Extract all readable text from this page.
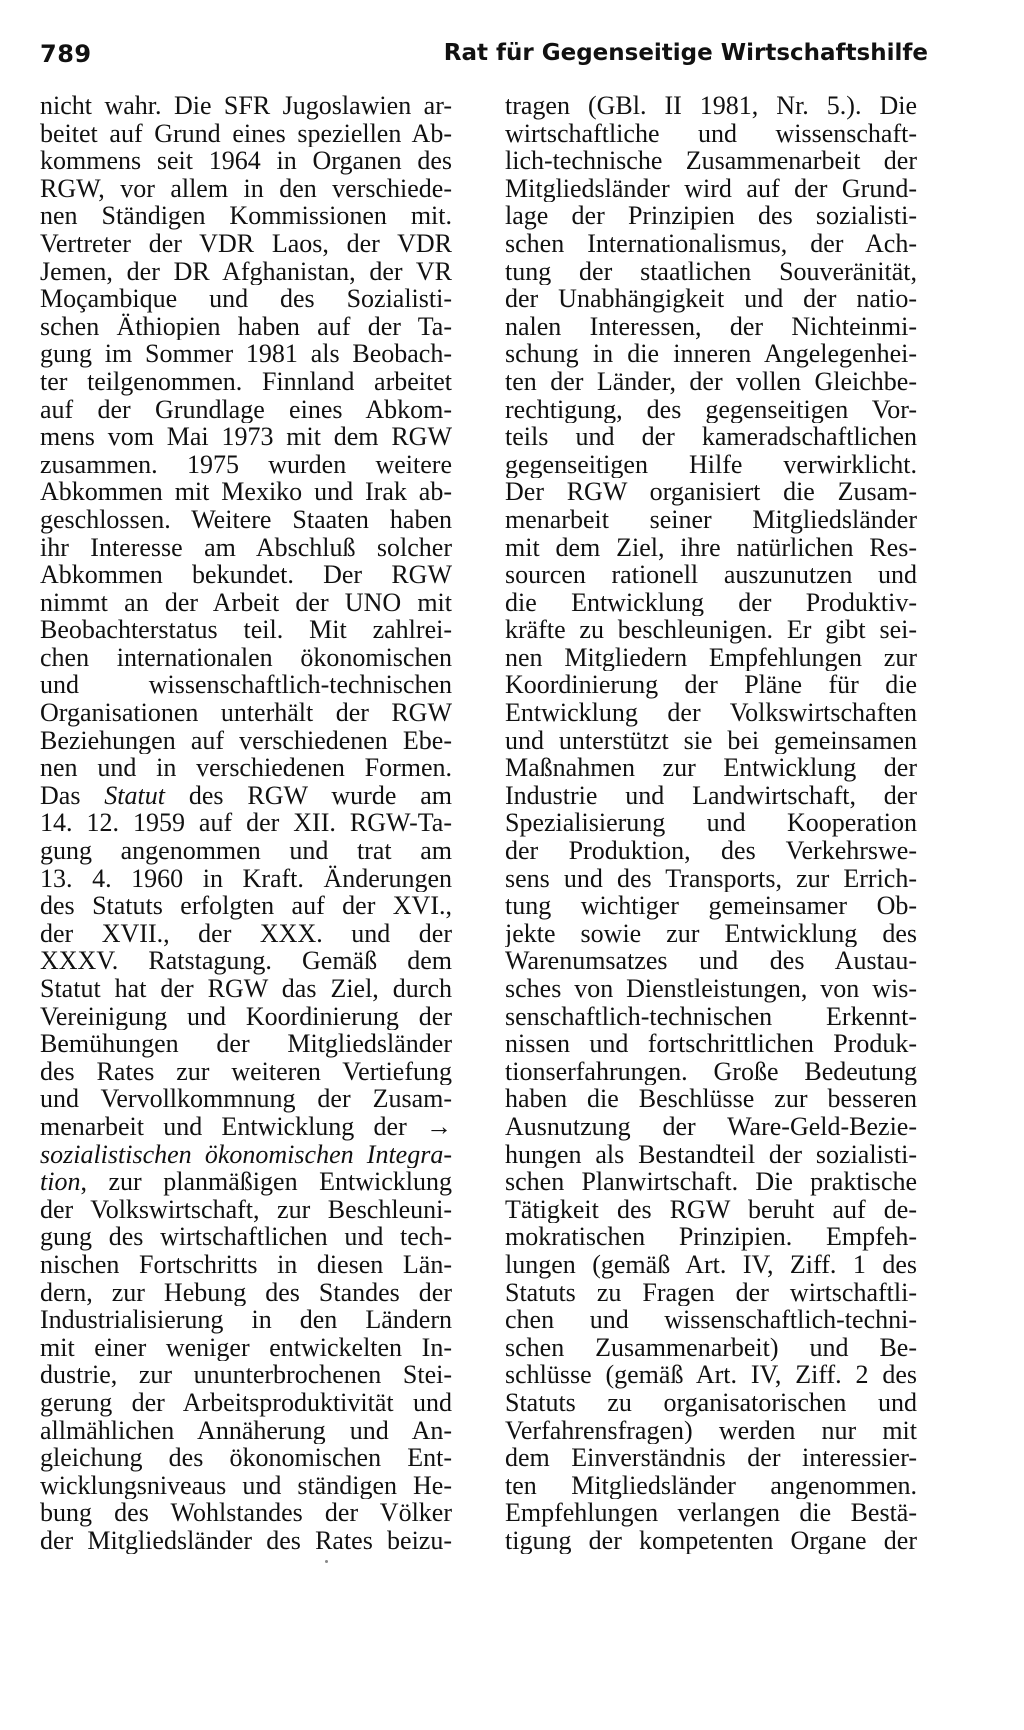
789	Rat für Gegenseitige Wirtschaftshilfe
nicht wahr. Die SFR Jugoslawien ar-
beitet auf Grund eines speziellen Ab-
kommens seit 1964 in Organen des
RGW, vor allem in den verschiede-
nen Ständigen Kommissionen mit.
Vertreter der VDR Laos, der VDR
Jemen, der DR Afghanistan, der VR
Moçambique und des Sozialisti-
schen Äthiopien haben auf der Ta-
gung im Sommer 1981 als Beobach-
ter teilgenommen. Finnland arbeitet
auf der Grundlage eines Abkom-
mens vom Mai 1973 mit dem RGW
zusammen. 1975 wurden weitere
Abkommen mit Mexiko und Irak ab-
geschlossen. Weitere Staaten haben
ihr Interesse am Abschluß solcher
Abkommen bekundet. Der RGW
nimmt an der Arbeit der UNO mit
Beobachterstatus teil. Mit zahlrei-
chen internationalen ökonomischen
und wissenschaftlich-technischen
Organisationen unterhält der RGW
Beziehungen auf verschiedenen Ebe-
nen und in verschiedenen Formen.
Das Statut des RGW wurde am
14. 12. 1959 auf der XII. RGW-Ta-
gung angenommen und trat am
13. 4. 1960 in Kraft. Änderungen
des Statuts erfolgten auf der XVI.,
der XVII., der XXX. und der
XXXV. Ratstagung. Gemäß dem
Statut hat der RGW das Ziel, durch
Vereinigung und Koordinierung der
Bemühungen der Mitgliedsländer
des Rates zur weiteren Vertiefung
und Vervollkommnung der Zusam-
menarbeit und Entwicklung der →
sozialistischen ökonomischen Integra-
tion, zur planmäßigen Entwicklung
der Volkswirtschaft, zur Beschleuni-
gung des wirtschaftlichen und tech-
nischen Fortschritts in diesen Län-
dern, zur Hebung des Standes der
Industrialisierung in den Ländern
mit einer weniger entwickelten In-
dustrie, zur ununterbrochenen Stei-
gerung der Arbeitsproduktivität und
allmählichen Annäherung und An-
gleichung des ökonomischen Ent-
wicklungsniveaus und ständigen He-
bung des Wohlstandes der Völker
der Mitgliedsländer des Rates beizu-
tragen (GBl. II 1981, Nr. 5.). Die
wirtschaftliche und wissenschaft-
lich-technische Zusammenarbeit der
Mitgliedsländer wird auf der Grund-
lage der Prinzipien des sozialisti-
schen Internationalismus, der Ach-
tung der staatlichen Souveränität,
der Unabhängigkeit und der natio-
nalen Interessen, der Nichteinmi-
schung in die inneren Angelegenhei-
ten der Länder, der vollen Gleichbe-
rechtigung, des gegenseitigen Vor-
teils und der kameradschaftlichen
gegenseitigen Hilfe verwirklicht.
Der RGW organisiert die Zusam-
menarbeit seiner Mitgliedsländer
mit dem Ziel, ihre natürlichen Res-
sourcen rationell auszunutzen und
die Entwicklung der Produktiv-
kräfte zu beschleunigen. Er gibt sei-
nen Mitgliedern Empfehlungen zur
Koordinierung der Pläne für die
Entwicklung der Volkswirtschaften
und unterstützt sie bei gemeinsamen
Maßnahmen zur Entwicklung der
Industrie und Landwirtschaft, der
Spezialisierung und Kooperation
der Produktion, des Verkehrswe-
sens und des Transports, zur Errich-
tung wichtiger gemeinsamer Ob-
jekte sowie zur Entwicklung des
Warenumsatzes und des Austau-
sches von Dienstleistungen, von wis-
senschaftlich-technischen Erkennt-
nissen und fortschrittlichen Produk-
tionserfahrungen. Große Bedeutung
haben die Beschlüsse zur besseren
Ausnutzung der Ware-Geld-Bezie-
hungen als Bestandteil der sozialisti-
schen Planwirtschaft. Die praktische
Tätigkeit des RGW beruht auf de-
mokratischen Prinzipien. Empfeh-
lungen (gemäß Art. IV, Ziff. 1 des
Statuts zu Fragen der wirtschaftli-
chen und wissenschaftlich-techni-
schen Zusammenarbeit) und Be-
schlüsse (gemäß Art. IV, Ziff. 2 des
Statuts zu organisatorischen und
Verfahrensfragen) werden nur mit
dem Einverständnis der interessier-
ten Mitgliedsländer angenommen.
Empfehlungen verlangen die Bestä-
tigung der kompetenten Organe der
